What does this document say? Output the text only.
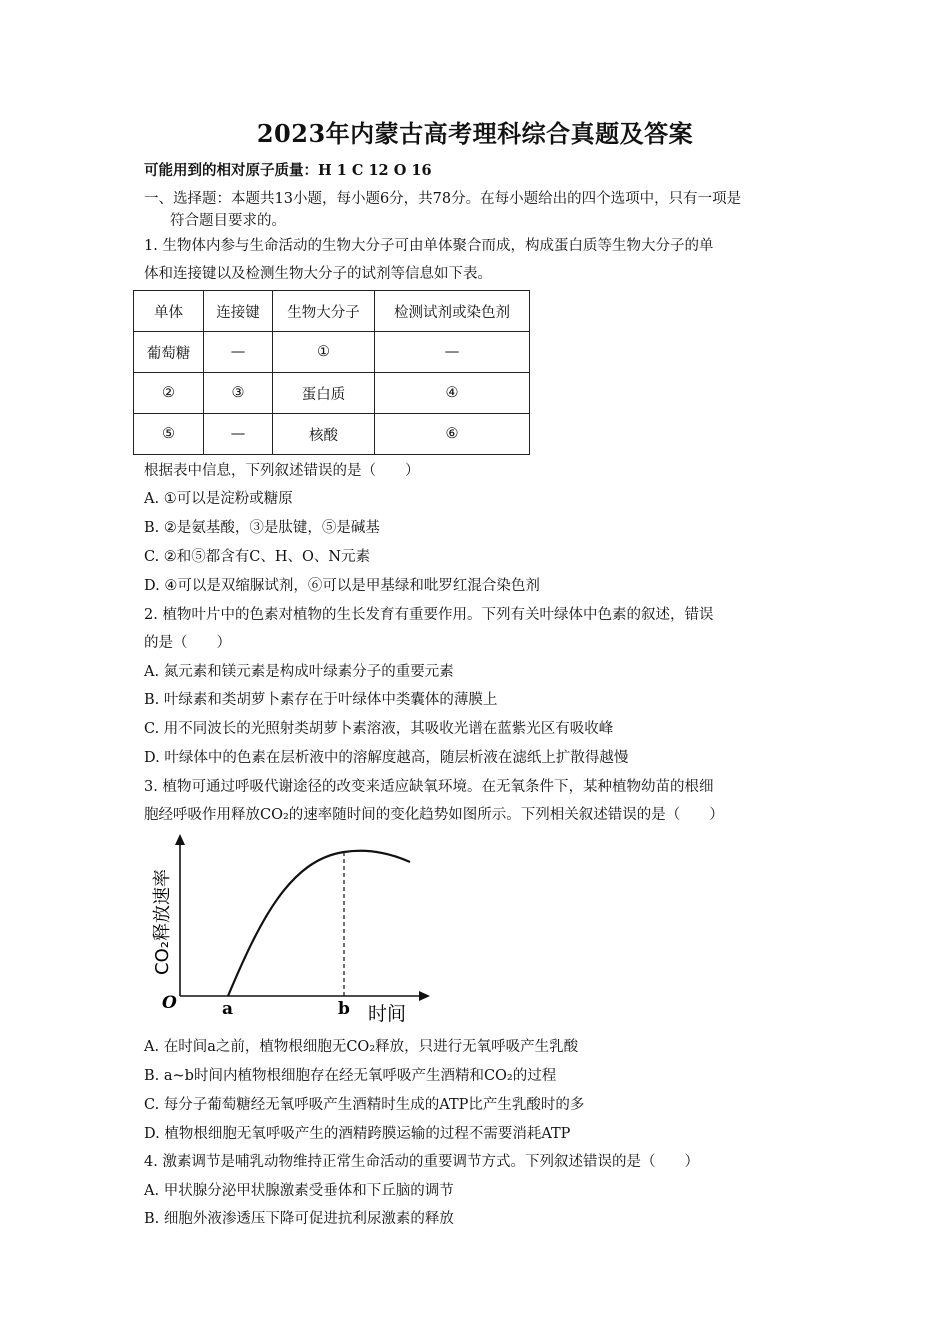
2023年内蒙古高考理科综合真题及答案
可能用到的相对原子质量：H 1 C 12 O 16
一、选择题：本题共13小题，每小题6分，共78分。在每小题给出的四个选项中，只有一项是
符合题目要求的。
1. 生物体内参与生命活动的生物大分子可由单体聚合而成，构成蛋白质等生物大分子的单
体和连接键以及检测生物大分子的试剂等信息如下表。
单体	连接键	生物大分子	检测试剂或染色剂
葡萄糖	—	①	—
②	③	蛋白质	④
⑤	—	核酸	⑥
根据表中信息，下列叙述错误的是（　　）
A. ①可以是淀粉或糖原
B. ②是氨基酸，③是肽键，⑤是碱基
C. ②和⑤都含有C、H、O、N元素
D. ④可以是双缩脲试剂，⑥可以是甲基绿和吡罗红混合染色剂
2. 植物叶片中的色素对植物的生长发育有重要作用。下列有关叶绿体中色素的叙述，错误
的是（　　）
A. 氮元素和镁元素是构成叶绿素分子的重要元素
B. 叶绿素和类胡萝卜素存在于叶绿体中类囊体的薄膜上
C. 用不同波长的光照射类胡萝卜素溶液，其吸收光谱在蓝紫光区有吸收峰
D. 叶绿体中的色素在层析液中的溶解度越高，随层析液在滤纸上扩散得越慢
3. 植物可通过呼吸代谢途径的改变来适应缺氧环境。在无氧条件下，某种植物幼苗的根细
胞经呼吸作用释放CO₂的速率随时间的变化趋势如图所示。下列相关叙述错误的是（　　）
O	a	b 时间
CO₂释放速率
A. 在时间a之前，植物根细胞无CO₂释放，只进行无氧呼吸产生乳酸
B. a~b时间内植物根细胞存在经无氧呼吸产生酒精和CO₂的过程
C. 每分子葡萄糖经无氧呼吸产生酒精时生成的ATP比产生乳酸时的多
D. 植物根细胞无氧呼吸产生的酒精跨膜运输的过程不需要消耗ATP
4. 激素调节是哺乳动物维持正常生命活动的重要调节方式。下列叙述错误的是（　　）
A. 甲状腺分泌甲状腺激素受垂体和下丘脑的调节
B. 细胞外液渗透压下降可促进抗利尿激素的释放
